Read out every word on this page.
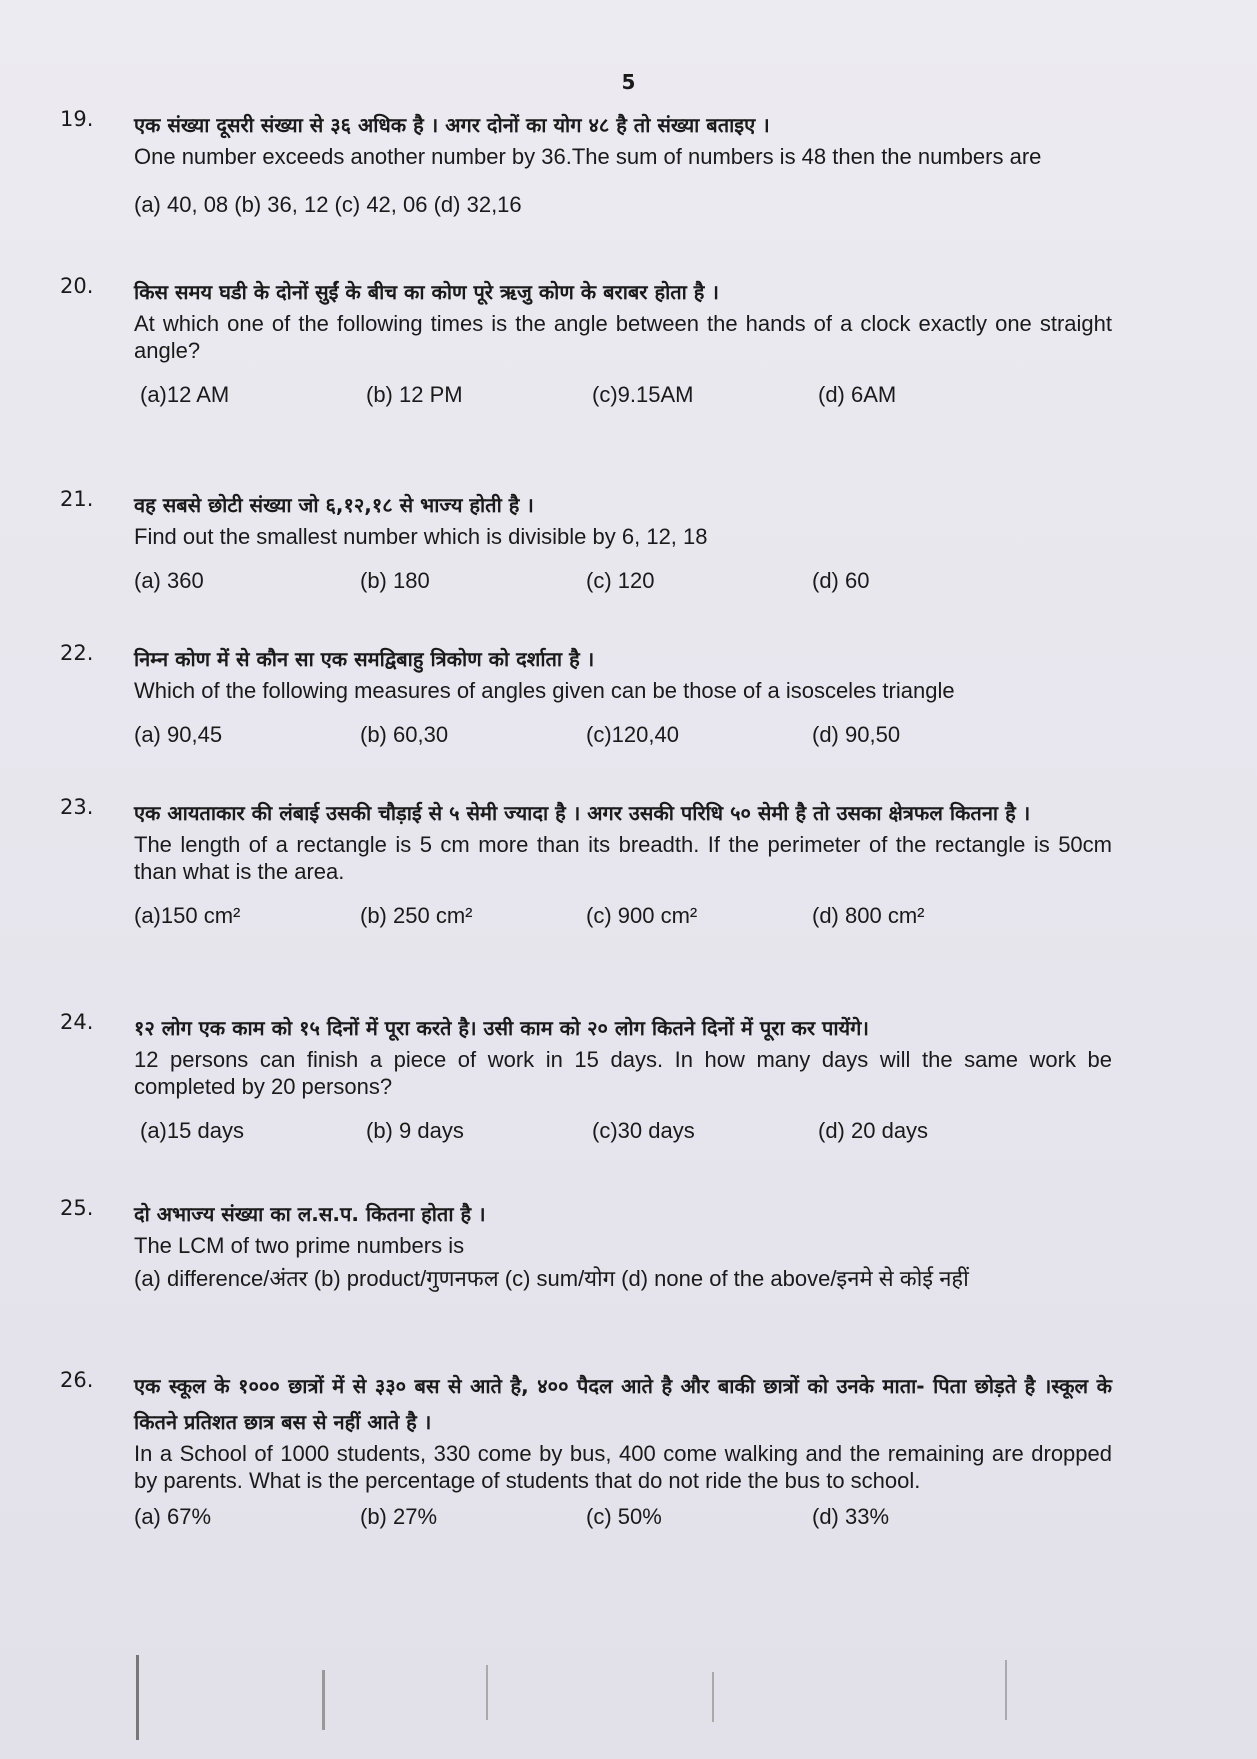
5
19. एक संख्या दूसरी संख्या से ३६ अधिक है । अगर दोनों का योग ४८ है तो संख्या बताइए ।
One number exceeds another number by 36.The sum of numbers is 48 then the numbers are
(a) 40, 08 (b) 36, 12 (c) 42, 06 (d) 32,16
20. किस समय घडी के दोनों सुईं के बीच का कोण पूरे ऋजु कोण के बराबर होता है ।
At which one of the following times is the angle between the hands of a clock exactly one straight angle?
(a)12 AM	(b) 12 PM	(c)9.15AM	(d) 6AM
21. वह सबसे छोटी संख्या जो ६,१२,१८ से भाज्य होती है ।
Find out the smallest number which is divisible by 6, 12, 18
(a) 360	(b) 180	(c) 120	(d) 60
22. निम्न कोण में से कौन सा एक समद्विबाहु त्रिकोण को दर्शाता है ।
Which of the following measures of angles given can be those of a isosceles triangle
(a) 90,45	(b) 60,30	(c)120,40	(d) 90,50
23. एक आयताकार की लंबाई उसकी चौड़ाई से ५ सेमी ज्यादा है । अगर उसकी परिधि ५० सेमी है तो उसका क्षेत्रफल कितना है ।
The length of a rectangle is 5 cm more than its breadth. If the perimeter of the rectangle is 50cm than what is the area.
(a)150 cm²	(b) 250 cm²	(c) 900 cm²	(d) 800 cm²
24. १२ लोग एक काम को १५ दिनों में पूरा करते है। उसी काम को २० लोग कितने दिनों में पूरा कर पायेंगे।
12 persons can finish a piece of work in 15 days. In how many days will the same work be completed by 20 persons?
(a)15 days	(b) 9 days	(c)30 days	(d) 20 days
25. दो अभाज्य संख्या का ल.स.प. कितना होता है ।
The LCM of two prime numbers is
(a) difference/अंतर (b) product/गुणनफल (c) sum/योग (d) none of the above/इनमे से कोई नहीं
26. एक स्कूल के १००० छात्रों में से ३३० बस से आते है, ४०० पैदल आते है और बाकी छात्रों को उनके माता- पिता छोड़ते है ।स्कूल के कितने प्रतिशत छात्र बस से नहीं आते है ।
In a School of 1000 students, 330 come by bus, 400 come walking and the remaining are dropped by parents. What is the percentage of students that do not ride the bus to school.
(a) 67%	(b) 27%	(c) 50%	(d) 33%
